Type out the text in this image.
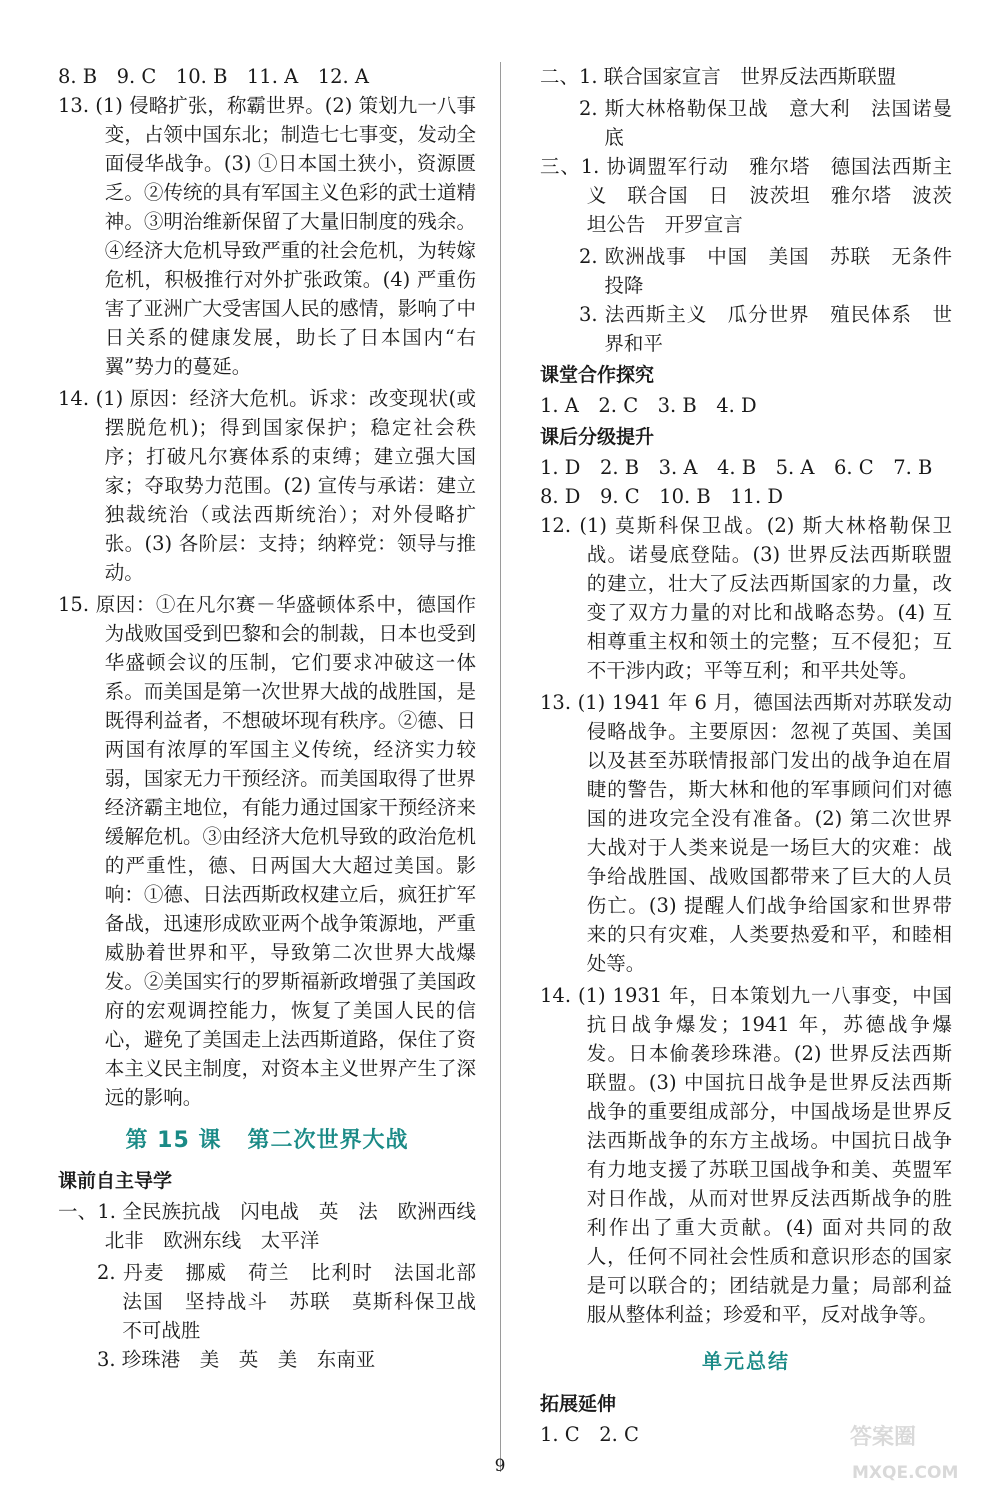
8. B　9. C　10. B　11. A　12. A

13. (1) 侵略扩张，称霸世界。(2) 策划九一八事变，占领中国东北；制造七七事变，发动全面侵华战争。(3) ①日本国土狭小，资源匮乏。②传统的具有军国主义色彩的武士道精神。③明治维新保留了大量旧制度的残余。④经济大危机导致严重的社会危机，为转嫁危机，积极推行对外扩张政策。(4) 严重伤害了亚洲广大受害国人民的感情，影响了中日关系的健康发展，助长了日本国内“右翼”势力的蔓延。

14. (1) 原因：经济大危机。诉求：改变现状(或摆脱危机)；得到国家保护；稳定社会秩序；打破凡尔赛体系的束缚；建立强大国家；夺取势力范围。(2) 宣传与承诺：建立独裁统治（或法西斯统治）；对外侵略扩张。(3) 各阶层：支持；纳粹党：领导与推动。

15. 原因：①在凡尔赛－华盛顿体系中，德国作为战败国受到巴黎和会的制裁，日本也受到华盛顿会议的压制，它们要求冲破这一体系。而美国是第一次世界大战的战胜国，是既得利益者，不想破坏现有秩序。②德、日两国有浓厚的军国主义传统，经济实力较弱，国家无力干预经济。而美国取得了世界经济霸主地位，有能力通过国家干预经济来缓解危机。③由经济大危机导致的政治危机的严重性，德、日两国大大超过美国。影响：①德、日法西斯政权建立后，疯狂扩军备战，迅速形成欧亚两个战争策源地，严重威胁着世界和平，导致第二次世界大战爆发。②美国实行的罗斯福新政增强了美国政府的宏观调控能力，恢复了美国人民的信心，避免了美国走上法西斯道路，保住了资本主义民主制度，对资本主义世界产生了深远的影响。

第 15 课 第二次世界大战

课前自主导学

一、1. 全民族抗战　闪电战　英　法　欧洲西线　北非　欧洲东线　太平洋

2. 丹麦　挪威　荷兰　比利时　法国北部　法国　坚持战斗　苏联　莫斯科保卫战　不可战胜

3. 珍珠港　美　英　美　东南亚

二、1. 联合国家宣言　世界反法西斯联盟

2. 斯大林格勒保卫战　意大利　法国诺曼底

三、1. 协调盟军行动　雅尔塔　德国法西斯主义　联合国　日　波茨坦　雅尔塔　波茨坦公告　开罗宣言

2. 欧洲战事　中国　美国　苏联　无条件投降

3. 法西斯主义　瓜分世界　殖民体系　世界和平

课堂合作探究

1. A　2. C　3. B　4. D

课后分级提升

1. D　2. B　3. A　4. B　5. A　6. C　7. B

8. D　9. C　10. B　11. D

12. (1) 莫斯科保卫战。(2) 斯大林格勒保卫战。诺曼底登陆。(3) 世界反法西斯联盟的建立，壮大了反法西斯国家的力量，改变了双方力量的对比和战略态势。(4) 互相尊重主权和领土的完整；互不侵犯；互不干涉内政；平等互利；和平共处等。

13. (1) 1941 年 6 月，德国法西斯对苏联发动侵略战争。主要原因：忽视了英国、美国以及甚至苏联情报部门发出的战争迫在眉睫的警告，斯大林和他的军事顾问们对德国的进攻完全没有准备。(2) 第二次世界大战对于人类来说是一场巨大的灾难：战争给战胜国、战败国都带来了巨大的人员伤亡。(3) 提醒人们战争给国家和世界带来的只有灾难，人类要热爱和平，和睦相处等。

14. (1) 1931 年，日本策划九一八事变，中国抗日战争爆发；1941 年，苏德战争爆发。日本偷袭珍珠港。(2) 世界反法西斯联盟。(3) 中国抗日战争是世界反法西斯战争的重要组成部分，中国战场是世界反法西斯战争的东方主战场。中国抗日战争有力地支援了苏联卫国战争和美、英盟军对日作战，从而对世界反法西斯战争的胜利作出了重大贡献。(4) 面对共同的敌人，任何不同社会性质和意识形态的国家是可以联合的；团结就是力量；局部利益服从整体利益；珍爱和平，反对战争等。

单元总结

拓展延伸

1. C　2. C

9
答案圈
MXQE.COM
